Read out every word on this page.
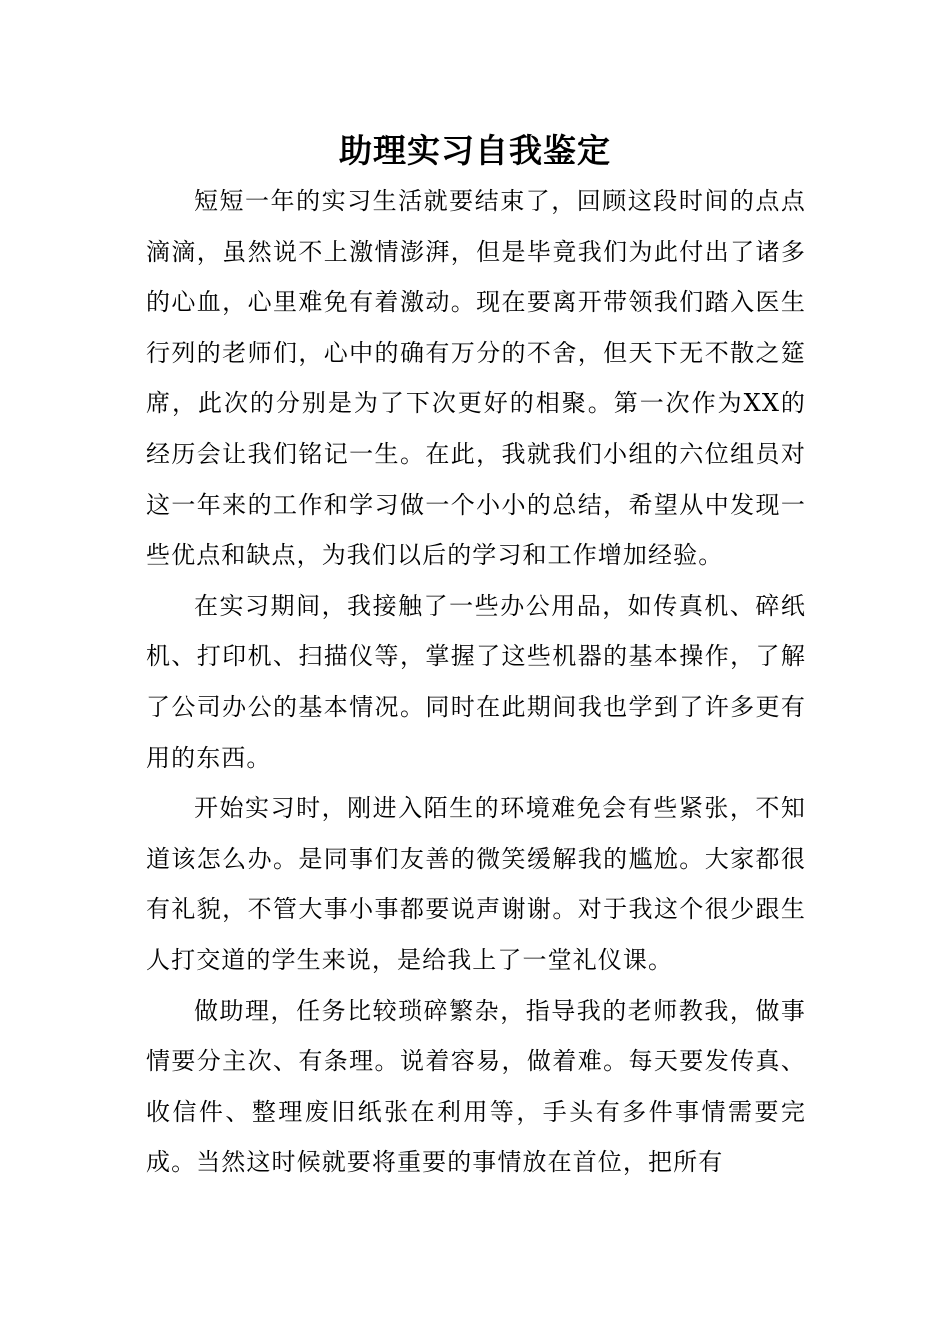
助理实习自我鉴定

短短一年的实习生活就要结束了，回顾这段时间的点点滴滴，虽然说不上激情澎湃，但是毕竟我们为此付出了诸多的心血，心里难免有着激动。现在要离开带领我们踏入医生行列的老师们，心中的确有万分的不舍，但天下无不散之筵席，此次的分别是为了下次更好的相聚。第一次作为XX的经历会让我们铭记一生。在此，我就我们小组的六位组员对这一年来的工作和学习做一个小小的总结，希望从中发现一些优点和缺点，为我们以后的学习和工作增加经验。

在实习期间，我接触了一些办公用品，如传真机、碎纸机、打印机、扫描仪等，掌握了这些机器的基本操作，了解了公司办公的基本情况。同时在此期间我也学到了许多更有用的东西。

开始实习时，刚进入陌生的环境难免会有些紧张，不知道该怎么办。是同事们友善的微笑缓解我的尴尬。大家都很有礼貌，不管大事小事都要说声谢谢。对于我这个很少跟生人打交道的学生来说，是给我上了一堂礼仪课。

做助理，任务比较琐碎繁杂，指导我的老师教我，做事情要分主次、有条理。说着容易，做着难。每天要发传真、收信件、整理废旧纸张在利用等，手头有多件事情需要完成。当然这时候就要将重要的事情放在首位，把所有
